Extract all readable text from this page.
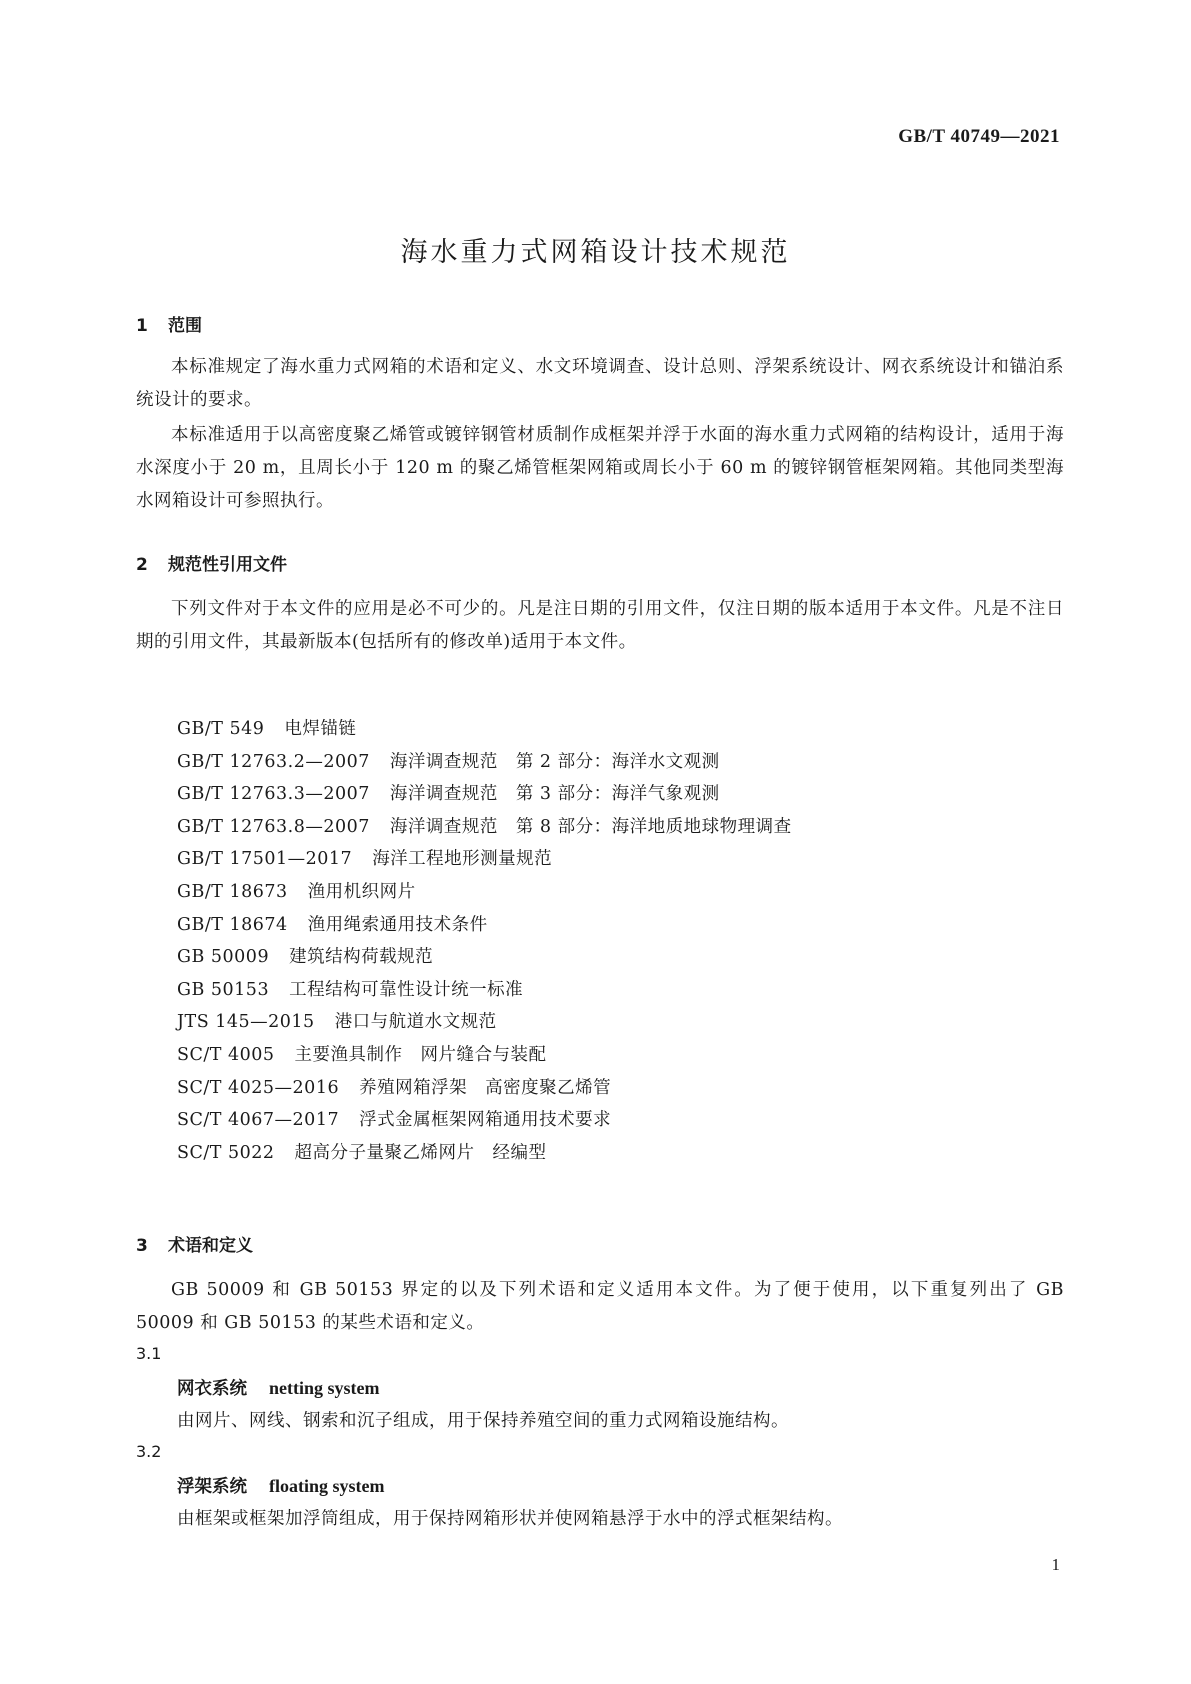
GB/T 40749—2021
海水重力式网箱设计技术规范
1 范围

本标准规定了海水重力式网箱的术语和定义、水文环境调查、设计总则、浮架系统设计、网衣系统设计和锚泊系统设计的要求。

本标准适用于以高密度聚乙烯管或镀锌钢管材质制作成框架并浮于水面的海水重力式网箱的结构设计，适用于海水深度小于 20 m，且周长小于 120 m 的聚乙烯管框架网箱或周长小于 60 m 的镀锌钢管框架网箱。其他同类型海水网箱设计可参照执行。

2 规范性引用文件

下列文件对于本文件的应用是必不可少的。凡是注日期的引用文件，仅注日期的版本适用于本文件。凡是不注日期的引用文件，其最新版本(包括所有的修改单)适用于本文件。

GB/T 549 电焊锚链
GB/T 12763.2—2007 海洋调查规范　第 2 部分：海洋水文观测
GB/T 12763.3—2007 海洋调查规范　第 3 部分：海洋气象观测
GB/T 12763.8—2007 海洋调查规范　第 8 部分：海洋地质地球物理调查
GB/T 17501—2017 海洋工程地形测量规范
GB/T 18673 渔用机织网片
GB/T 18674 渔用绳索通用技术条件
GB 50009 建筑结构荷载规范
GB 50153 工程结构可靠性设计统一标准
JTS 145—2015 港口与航道水文规范
SC/T 4005 主要渔具制作　网片缝合与装配
SC/T 4025—2016 养殖网箱浮架　高密度聚乙烯管
SC/T 4067—2017 浮式金属框架网箱通用技术要求
SC/T 5022 超高分子量聚乙烯网片　经编型
3 术语和定义

GB 50009 和 GB 50153 界定的以及下列术语和定义适用本文件。为了便于使用，以下重复列出了 GB 50009 和 GB 50153 的某些术语和定义。

3.1
网衣系统 netting system
由网片、网线、钢索和沉子组成，用于保持养殖空间的重力式网箱设施结构。
3.2
浮架系统 floating system
由框架或框架加浮筒组成，用于保持网箱形状并使网箱悬浮于水中的浮式框架结构。
1
